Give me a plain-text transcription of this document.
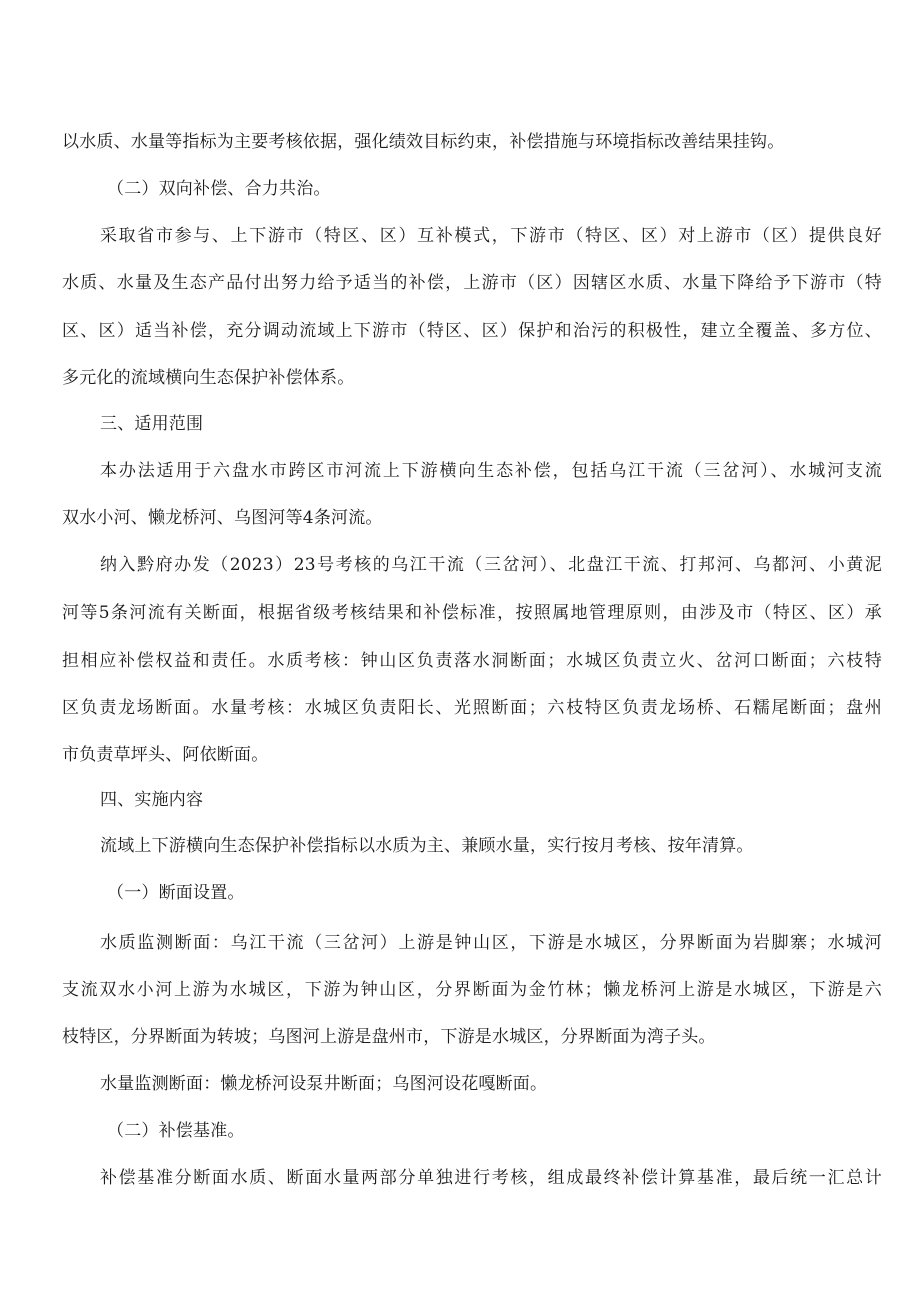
以水质、水量等指标为主要考核依据，强化绩效目标约束，补偿措施与环境指标改善结果挂钩。

（二）双向补偿、合力共治。

采取省市参与、上下游市（特区、区）互补模式，下游市（特区、区）对上游市（区）提供良好

水质、水量及生态产品付出努力给予适当的补偿，上游市（区）因辖区水质、水量下降给予下游市（特

区、区）适当补偿，充分调动流域上下游市（特区、区）保护和治污的积极性，建立全覆盖、多方位、

多元化的流域横向生态保护补偿体系。

三、适用范围

本办法适用于六盘水市跨区市河流上下游横向生态补偿，包括乌江干流（三岔河）、水城河支流

双水小河、懒龙桥河、乌图河等4条河流。

纳入黔府办发（2023）23号考核的乌江干流（三岔河）、北盘江干流、打邦河、乌都河、小黄泥

河等5条河流有关断面，根据省级考核结果和补偿标准，按照属地管理原则，由涉及市（特区、区）承

担相应补偿权益和责任。水质考核：钟山区负责落水洞断面；水城区负责立火、岔河口断面；六枝特

区负责龙场断面。水量考核：水城区负责阳长、光照断面；六枝特区负责龙场桥、石糯尾断面；盘州

市负责草坪头、阿依断面。

四、实施内容

流域上下游横向生态保护补偿指标以水质为主、兼顾水量，实行按月考核、按年清算。

（一）断面设置。

水质监测断面：乌江干流（三岔河）上游是钟山区，下游是水城区，分界断面为岩脚寨；水城河

支流双水小河上游为水城区，下游为钟山区，分界断面为金竹林；懒龙桥河上游是水城区，下游是六

枝特区，分界断面为转坡；乌图河上游是盘州市，下游是水城区，分界断面为湾子头。

水量监测断面：懒龙桥河设泵井断面；乌图河设花嘎断面。

（二）补偿基准。

补偿基准分断面水质、断面水量两部分单独进行考核，组成最终补偿计算基准，最后统一汇总计
